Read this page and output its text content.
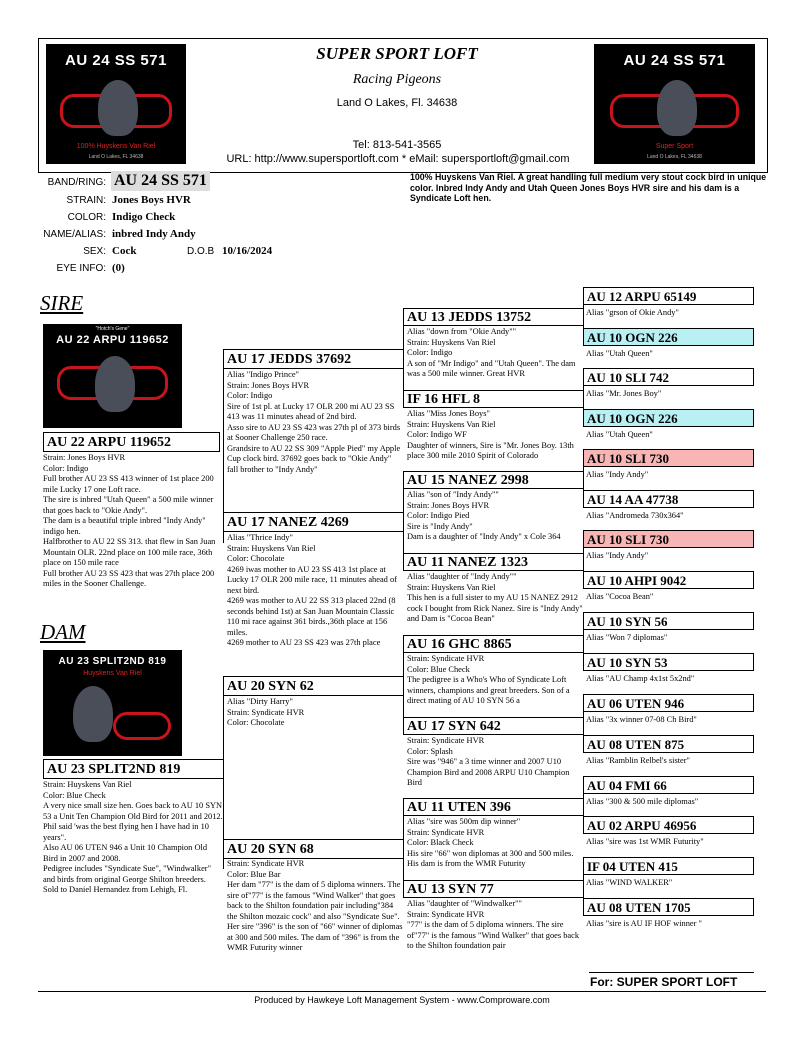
AU 24 SS 571
100% Huyskens Van Riel
Land O Lakes, FL 34638
AU 24 SS 571
Super Sport
Land O Lakes, FL 34638
SUPER SPORT LOFT
Racing Pigeons
Land O Lakes, Fl. 34638
Tel: 813-541-3565
URL: http://www.supersportloft.com * eMail: supersportloft@gmail.com
BAND/RING: AU 24 SS 571
STRAIN: Jones Boys HVR
COLOR: Indigo Check
NAME/ALIAS: inbred Indy Andy
SEX: Cock	D.O.B 10/16/2024
EYE INFO: (0)
100% Huyskens Van Riel. A great handling full medium very stout cock bird in unique color. Inbred Indy Andy and Utah Queen Jones Boys HVR sire and his dam is a Syndicate Loft hen.
SIRE
AU 22 ARPU 119652
"Hotch's Gene"
AU 22 ARPU 119652
Strain: Jones Boys HVR
Color: Indigo
Full brother AU 23 SS 413 winner of 1st place 200 mile Lucky 17 one Loft race.
The sire is inbred "Utah Queen" a 500 mile winner that goes back to "Okie Andy".
The dam is a beautiful triple inbred "Indy Andy" indigo hen.
Halfbrother to AU 22 SS 313. that flew in San Juan Mountain OLR. 22nd place on 100 mile race, 36th place on 150 mile race
Full brother AU 23 SS 423 that was 27th place 200 miles in the Sooner Challenge.
DAM
AU 23 SPLIT2ND 819
Huyskens Van Riel
AU 23 SPLIT2ND 819
Strain: Huyskens Van Riel
Color: Blue Check
A very nice small size hen. Goes back to AU 10 SYN 53 a Unit Ten Champion Old Bird for 2011 and 2012. Phil said 'was the best flying hen I have had in 10 years".
Also AU 06 UTEN 946 a Unit 10 Champion Old Bird in 2007 and 2008.
Pedigree includes "Syndicate Sue", "Windwalker" and birds from original George Shilton breeders.
Sold to Daniel Hernandez from Lehigh, Fl.
AU 17 JEDDS 37692
Alias "Indigo Prince"
Strain: Jones Boys HVR
Color: Indigo
Sire of 1st pl. at Lucky 17 OLR 200 mi AU 23 SS 413 was 11 minutes ahead of 2nd bird.
Asso sire to AU 23 SS 423 was 27th pl of 373 birds at Sooner Challenge 250 race.
Grandsire to AU 22 SS 309 "Apple Pied" my Apple Cup clock bird. 37692 goes back to "Okie Andy" fall brother to "Indy Andy"
AU 17 NANEZ 4269
Alias "Thrice Indy"
Strain: Huyskens Van Riel
Color: Chocolate
4269 iwas mother to AU 23 SS 413 1st place at Lucky 17 OLR 200 mile race, 11 minutes ahead of next bird.
4269 was mother to AU 22 SS 313 placed 22nd (8 seconds behind 1st) at San Juan Mountain Classic 110 mi race against 361 birds.,36th place at 156 miles.
4269 mother to AU 23 SS 423 was 27th place
AU 20 SYN 62
Alias "Dirty Harry"
Strain: Syndicate HVR
Color: Chocolate
AU 20 SYN 68
Strain: Syndicate HVR
Color: Blue Bar
Her dam "77" is the dam of 5 diploma winners. The sire of"77" is the famous "Wind Walker" that goes back to the Shilton foundation pair including"384 the Shilton mozaic cock" and also "Syndicate Sue".
Her sire "396" is the son of "66" winner of diplomas at 300 and 500 miles. The dam of "396" is from the WMR Futurity winner
AU 13 JEDDS 13752
Alias "down from "Okie Andy""
Strain: Huyskens Van Riel
Color: Indigo
A son of "Mr Indigo" and "Utah Queen". The dam was a 500 mile winner. Great HVR
IF 16 HFL 8
Alias "Miss Jones Boys"
Strain: Huyskens Van Riel
Color: Indigo WF
Daughter of winners, Sire is "Mr. Jones Boy. 13th place 300 mile 2010 Spirit of Colorado
AU 15 NANEZ 2998
Alias "son of "Indy Andy""
Strain: Jones Boys HVR
Color: Indigo Pied
Sire is "Indy Andy"
Dam is a daughter of "Indy Andy" x Cole 364
AU 11 NANEZ 1323
Alias "daughter of "Indy Andy""
Strain: Huyskens Van Riel
This hen is a full sister to my AU 15 NANEZ 2912 cock I bought from Rick Nanez. Sire is "Indy Andy" and Dam is "Cocoa Bean"
AU 16 GHC 8865
Strain: Syndicate HVR
Color: Blue Check
The pedigree is a Who's Who of Syndicate Loft winners, champions and great breeders. Son of a direct mating of AU 10 SYN 56 a
AU 17 SYN 642
Strain: Syndicate HVR
Color: Splash
Sire was "946" a 3 time winner and 2007 U10 Champion Bird and 2008 ARPU U10 Champion Bird
AU 11 UTEN 396
Alias "sire was 500m dip winner"
Strain: Syndicate HVR
Color: Black Check
His sire "66" won diplomas at 300 and 500 miles. His dam is from the WMR Futurity
AU 13 SYN 77
Alias "daughter of "Windwalker""
Strain: Syndicate HVR
"77" is the dam of 5 diploma winners. The sire of"77" is the famous "Wind Walker" that goes back to the Shilton foundation pair
AU 12 ARPU 65149
Alias "grson of Okie Andy"
AU 10 OGN 226
Alias "Utah Queen"
AU 10 SLI 742
Alias "Mr. Jones Boy"
AU 10 OGN 226
Alias "Utah Queen"
AU 10 SLI 730
Alias "Indy Andy"
AU 14 AA 47738
Alias "Andromeda 730x364"
AU 10 SLI 730
Alias "Indy Andy"
AU 10 AHPI 9042
Alias "Cocoa Bean"
AU 10 SYN 56
Alias "Won 7 diplomas"
AU 10 SYN 53
Alias "AU Champ 4x1st 5x2nd"
AU 06 UTEN 946
Alias "3x winner 07-08 Ch Bird"
AU 08 UTEN 875
Alias "Ramblin Relbel's sister"
AU 04 FMI 66
Alias "300 & 500 mile diplomas"
AU 02 ARPU 46956
Alias "sire was 1st WMR Futurity"
IF 04 UTEN 415
Alias "WIND WALKER"
AU 08 UTEN 1705
Alias "sire is AU IF HOF winner "
For: SUPER SPORT LOFT
Produced by Hawkeye Loft Management System - www.Comproware.com
